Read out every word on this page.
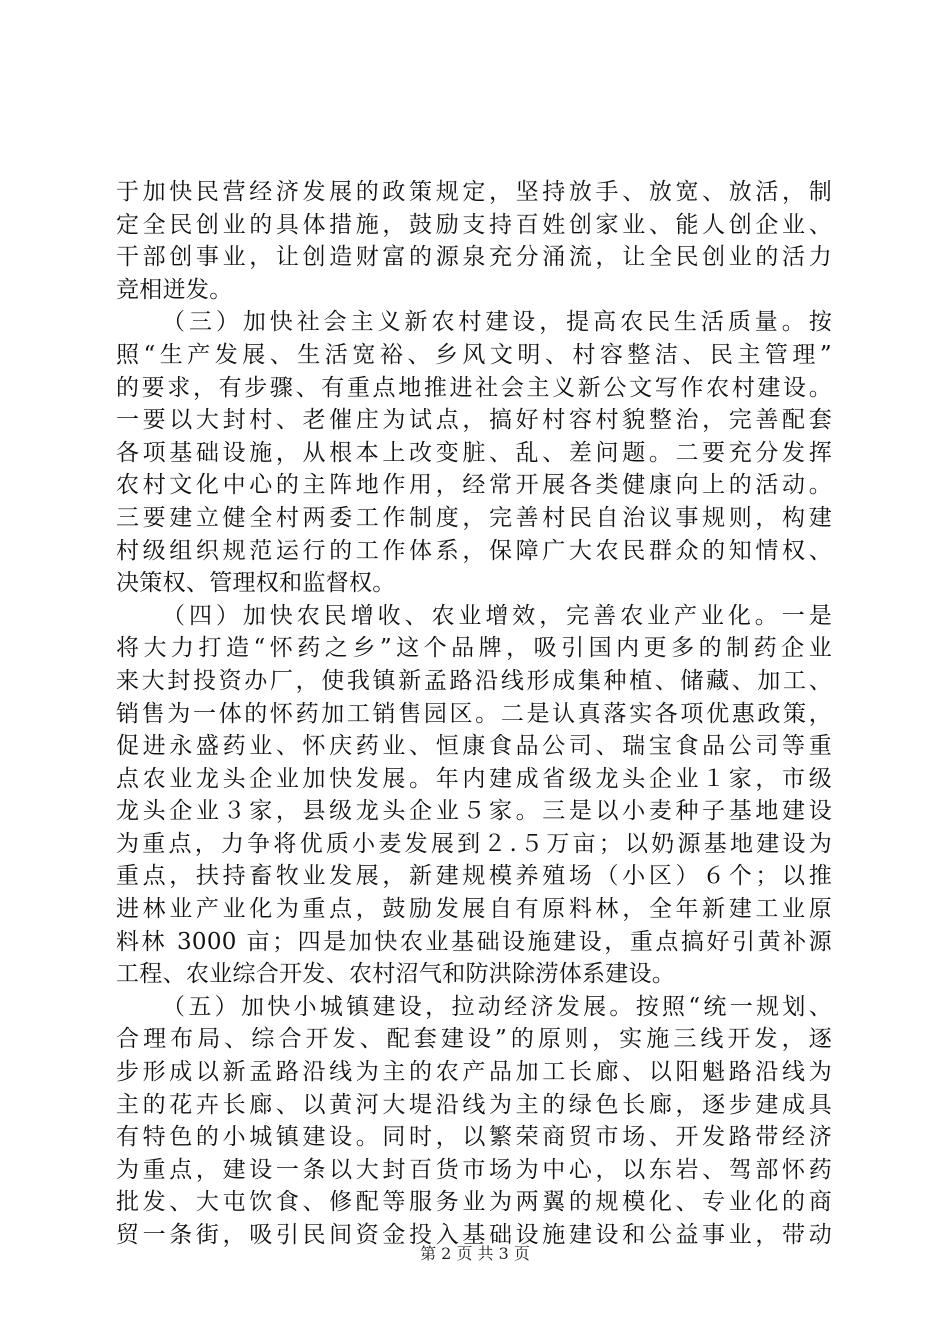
于加快民营经济发展的政策规定，坚持放手、放宽、放活，制
定全民创业的具体措施，鼓励支持百姓创家业、能人创企业、
干部创事业，让创造财富的源泉充分涌流，让全民创业的活力
竞相迸发。
（三）加快社会主义新农村建设，提高农民生活质量。按
照“生产发展、生活宽裕、乡风文明、村容整洁、民主管理”
的要求，有步骤、有重点地推进社会主义新公文写作农村建设。
一要以大封村、老催庄为试点，搞好村容村貌整治，完善配套
各项基础设施，从根本上改变脏、乱、差问题。二要充分发挥
农村文化中心的主阵地作用，经常开展各类健康向上的活动。
三要建立健全村两委工作制度，完善村民自治议事规则，构建
村级组织规范运行的工作体系，保障广大农民群众的知情权、
决策权、管理权和监督权。
（四）加快农民增收、农业增效，完善农业产业化。一是
将大力打造“怀药之乡”这个品牌，吸引国内更多的制药企业
来大封投资办厂，使我镇新孟路沿线形成集种植、储藏、加工、
销售为一体的怀药加工销售园区。二是认真落实各项优惠政策，
促进永盛药业、怀庆药业、恒康食品公司、瑞宝食品公司等重
点农业龙头企业加快发展。年内建成省级龙头企业１家，市级
龙头企业３家，县级龙头企业５家。三是以小麦种子基地建设
为重点，力争将优质小麦发展到２.５万亩；以奶源基地建设为
重点，扶持畜牧业发展，新建规模养殖场（小区）６个；以推
进林业产业化为重点，鼓励发展自有原料林，全年新建工业原
料林 3000 亩；四是加快农业基础设施建设，重点搞好引黄补源
工程、农业综合开发、农村沼气和防洪除涝体系建设。
（五）加快小城镇建设，拉动经济发展。按照“统一规划、
合理布局、综合开发、配套建设”的原则，实施三线开发，逐
步形成以新孟路沿线为主的农产品加工长廊、以阳魁路沿线为
主的花卉长廊、以黄河大堤沿线为主的绿色长廊，逐步建成具
有特色的小城镇建设。同时，以繁荣商贸市场、开发路带经济
为重点，建设一条以大封百货市场为中心，以东岩、驾部怀药
批发、大屯饮食、修配等服务业为两翼的规模化、专业化的商
贸一条街，吸引民间资金投入基础设施建设和公益事业，带动
第 2 页 共 3 页
